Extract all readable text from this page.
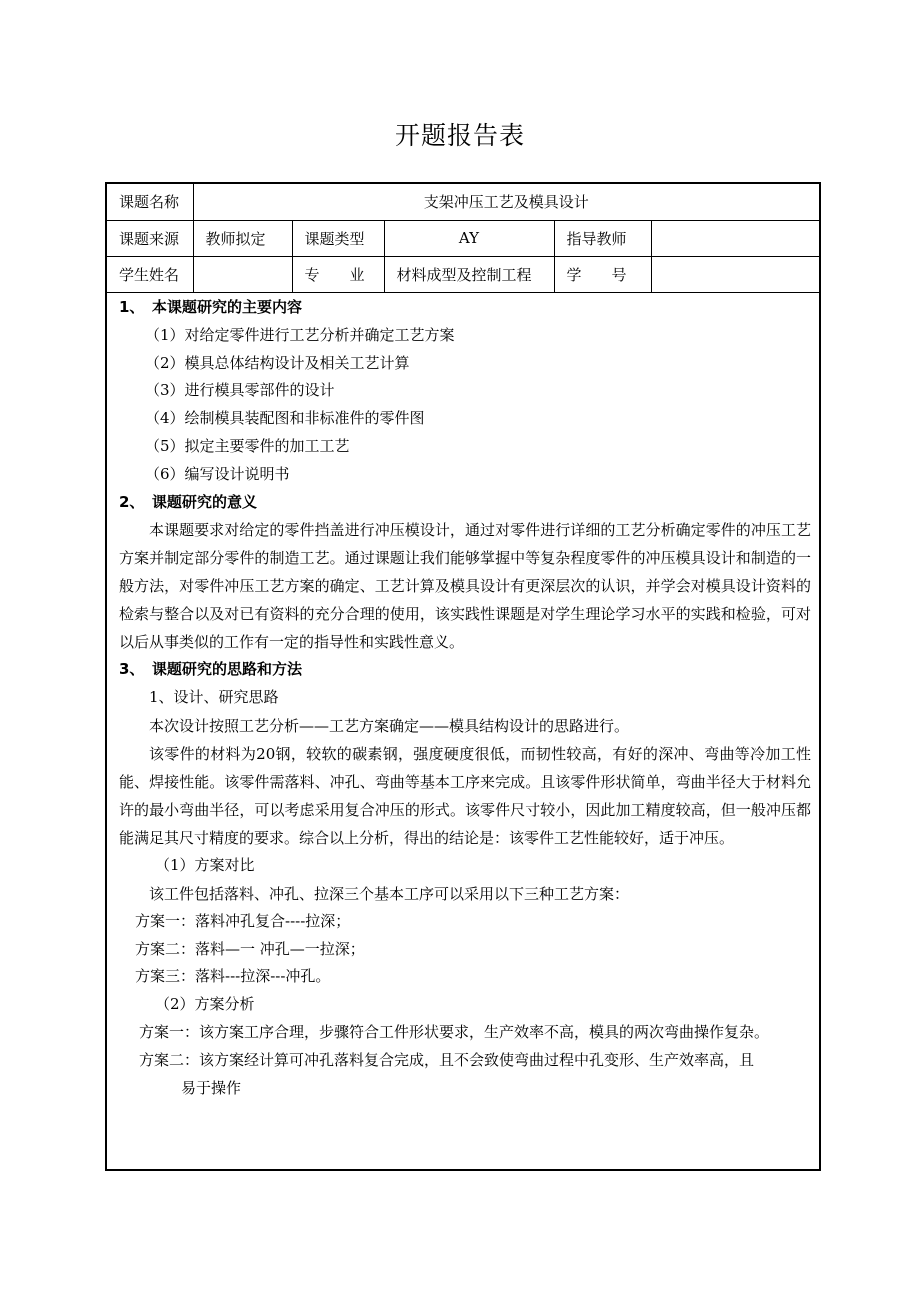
开题报告表
课题名称	支架冲压工艺及模具设计				
课题来源	教师拟定	课题类型	AY	指导教师	
学生姓名		专　　业	材料成型及控制工程	学　　号	
1、　本课题研究的主要内容
（1）对给定零件进行工艺分析并确定工艺方案
（2）模具总体结构设计及相关工艺计算
（3）进行模具零部件的设计
（4）绘制模具装配图和非标准件的零件图
（5）拟定主要零件的加工工艺
（6）编写设计说明书
2、　课题研究的意义
本课题要求对给定的零件挡盖进行冲压模设计，通过对零件进行详细的工艺分析确定零件的冲压工艺方案并制定部分零件的制造工艺。通过课题让我们能够掌握中等复杂程度零件的冲压模具设计和制造的一般方法，对零件冲压工艺方案的确定、工艺计算及模具设计有更深层次的认识，并学会对模具设计资料的检索与整合以及对已有资料的充分合理的使用，该实践性课题是对学生理论学习水平的实践和检验，可对以后从事类似的工作有一定的指导性和实践性意义。
3、　课题研究的思路和方法
1、设计、研究思路
本次设计按照工艺分析——工艺方案确定——模具结构设计的思路进行。
该零件的材料为20钢，较软的碳素钢，强度硬度很低，而韧性较高，有好的深冲、弯曲等冷加工性能、焊接性能。该零件需落料、冲孔、弯曲等基本工序来完成。且该零件形状简单，弯曲半径大于材料允许的最小弯曲半径，可以考虑采用复合冲压的形式。该零件尺寸较小，因此加工精度较高，但一般冲压都能满足其尺寸精度的要求。综合以上分析，得出的结论是：该零件工艺性能较好，适于冲压。
（1）方案对比
该工件包括落料、冲孔、拉深三个基本工序可以采用以下三种工艺方案：
方案一：落料冲孔复合----拉深；
方案二：落料—一 冲孔—一拉深；
方案三：落料---拉深---冲孔。
（2）方案分析
方案一：该方案工序合理，步骤符合工件形状要求，生产效率不高，模具的两次弯曲操作复杂。
方案二：该方案经计算可冲孔落料复合完成，且不会致使弯曲过程中孔变形、生产效率高，且
易于操作
